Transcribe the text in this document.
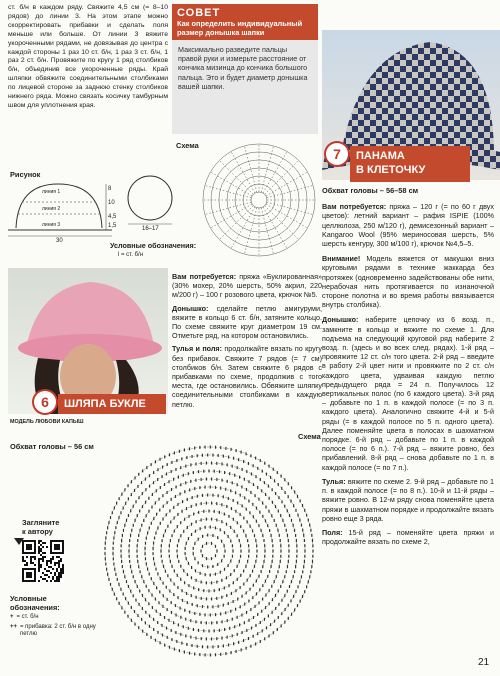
ст. б/н в каждом ряду. Свяжите 4,5 см (= 8–10 рядов) до линии 3. На этом этапе можно скорректировать прибавки и сделать поля меньше или больше. От линии 3 вяжите укороченными рядами, не довязывая до центра с каждой стороны 1 раз 10 ст. б/н, 1 раз 3 ст. б/н, 1 раз 2 ст. б/н. Провяжите по кругу 1 ряд столбиков б/н, объединив все укороченные ряды. Край шляпки обвяжите соединительными столбиками по лицевой стороне за заднюю стенку столбиков нижнего ряда. Можно связать косичку тамбурным швом для уплотнения края.
СОВЕТ
Как определить индивидуальный размер донышка шапки
Максимально разведите пальцы правой руки и измерьте расстояние от кончика мизинца до кончика большого пальца. Это и будет диаметр донышка вашей шапки.
7 ПАНАМА
В КЛЕТОЧКУ
Рисунок
линия 1
линия 2
линия 3
8
10
4,5
1,5
30
16–17
Условные обозначения:
l = ст. б/н
Схема
6	ШЛЯПА БУКЛЕ
МОДЕЛЬ ЛЮБОВИ КАПЫШ
Обхват головы – 56 см

Вам потребуется: пряжа «Буклированная» (30% мохер, 20% шерсть, 50% акрил, 220 м/200 г) – 100 г розового цвета, крючок №5.

Донышко: сделайте петлю амигуруми, вяжите в кольцо 6 ст. б/н, затяните кольцо. По схеме свяжите круг диаметром 19 см. Отметьте ряд, на котором остановились.

Тулья и поля: продолжайте вязать по кругу без прибавок. Свяжите 7 рядов (= 7 см) столбиков б/н. Затем свяжите 6 рядов с прибавками по схеме, продолжив с того места, где остановились. Обвяжите шляпку соединительными столбиками в каждую петлю.

Обхват головы – 56–58 см

Вам потребуется: пряжа – 120 г (= по 60 г двух цветов): летний вариант – рафия ISPIE (100% целлюлоза, 250 м/120 г), демисезонный вариант – Kangaroo Wool (95% мериносовая шерсть, 5% шерсть кенгуру, 300 м/100 г), крючок №4,5–5.

Внимание! Модель вяжется от макушки вниз круговыми рядами в технике жаккарда без протяжек (одновременно задействованы обе нити, нерабочая нить протягивается по изнаночной стороне полотна и во время работы ввязывается внутрь столбика).

Донышко: наберите цепочку из 6 возд. п., замкните в кольцо и вяжите по схеме 1. Для подъема на следующий круговой ряд наберите 2 возд. п. (здесь и во всех след. рядах). 1-й ряд – провяжите 12 ст. с/н того цвета. 2-й ряд – введите в работу 2-й цвет нити и провяжите по 2 ст. с/н каждого цвета, удваивая каждую петлю предыдущего ряда = 24 п. Получилось 12 вертикальных полос (по 6 каждого цвета). 3-й ряд – добавьте по 1 п. в каждой полосе (= по 3 п. каждого цвета). Аналогично свяжите 4-й и 5-й ряды (= в каждой полосе по 5 п. одного цвета). Далее поменяйте цвета в полосах в шахматном порядке. 6-й ряд – добавьте по 1 п. в каждой полосе (= по 6 п.). 7-й ряд – вяжите ровно, без прибавлений. 8-й ряд – снова добавьте по 1 п. в каждой полосе (= по 7 п.).

Тулья: вяжите по схеме 2. 9-й ряд – добавьте по 1 п. в каждой полосе (= по 8 п.). 10-й и 11-й ряды – вяжите ровно. В 12-м ряду снова поменяйте цвета пряжи в шахматном порядке и продолжайте вязать ровно еще 3 ряда.

Поля: 15-й ряд – поменяйте цвета пряжи и продолжайте вязать по схеме 2,

Схема
Загляните
к автору
Условные обозначения:
+ = ст. б/н
++ = прибавка: 2 ст. б/н в одну петлю
21
